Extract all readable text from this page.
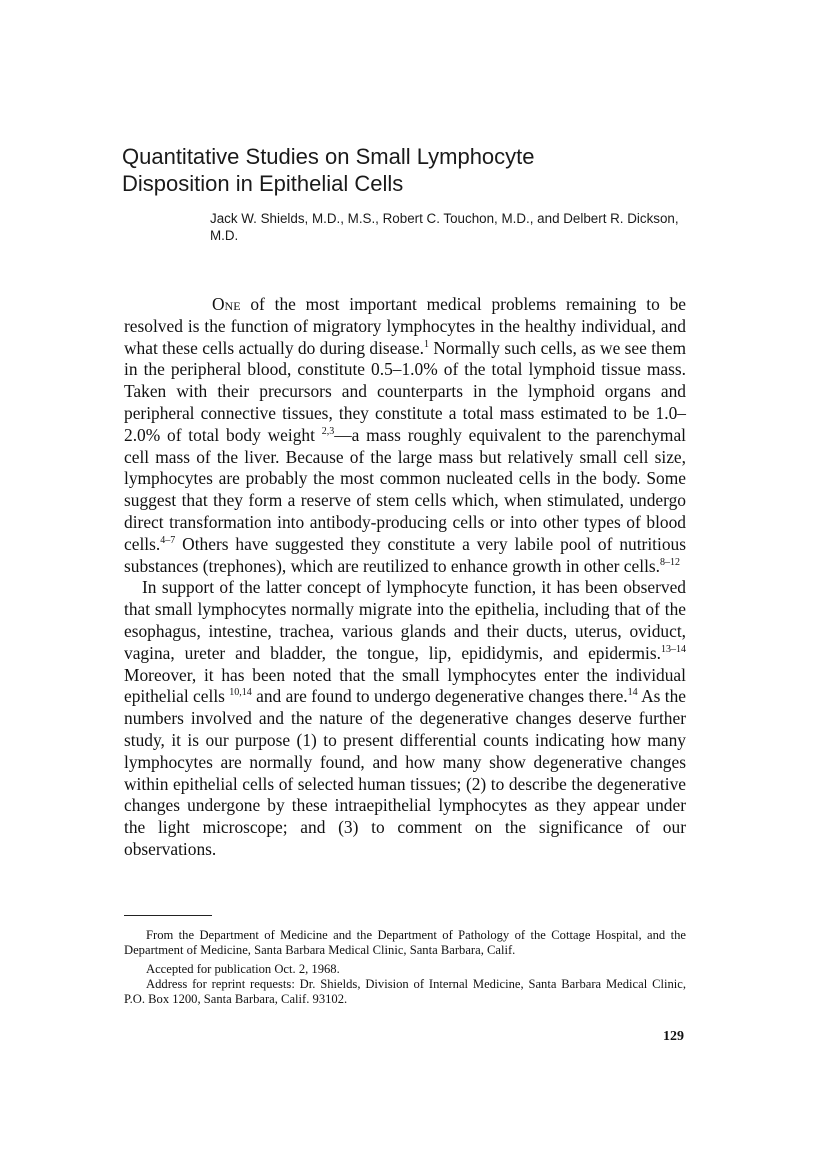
Quantitative Studies on Small Lymphocyte
Disposition in Epithelial Cells

Jack W. Shields, M.D., M.S., Robert C. Touchon, M.D., and Delbert R. Dickson, M.D.

One of the most important medical problems remaining to be resolved is the function of migratory lymphocytes in the healthy individual, and what these cells actually do during disease.$^1$ Normally such cells, as we see them in the peripheral blood, constitute 0.5–1.0% of the total lymphoid tissue mass. Taken with their precursors and counterparts in the lymphoid organs and peripheral connective tissues, they constitute a total mass estimated to be 1.0–2.0% of total body weight $^{2,3}$—a mass roughly equivalent to the parenchymal cell mass of the liver. Because of the large mass but relatively small cell size, lymphocytes are probably the most common nucleated cells in the body. Some suggest that they form a reserve of stem cells which, when stimulated, undergo direct transformation into antibody-producing cells or into other types of blood cells.$^{4-7}$ Others have suggested they constitute a very labile pool of nutritious substances (trephones), which are reutilized to enhance growth in other cells.$^{8-12}$

In support of the latter concept of lymphocyte function, it has been observed that small lymphocytes normally migrate into the epithelia, including that of the esophagus, intestine, trachea, various glands and their ducts, uterus, oviduct, vagina, ureter and bladder, the tongue, lip, epididymis, and epidermis.$^{13-14}$ Moreover, it has been noted that the small lymphocytes enter the individual epithelial cells $^{10,14}$ and are found to undergo degenerative changes there.$^{14}$ As the numbers involved and the nature of the degenerative changes deserve further study, it is our purpose (1) to present differential counts indicating how many lymphocytes are normally found, and how many show degenerative changes within epithelial cells of selected human tissues; (2) to describe the degenerative changes undergone by these intraepithelial lymphocytes as they appear under the light microscope; and (3) to comment on the significance of our observations.

From the Department of Medicine and the Department of Pathology of the Cottage Hospital, and the Department of Medicine, Santa Barbara Medical Clinic, Santa Barbara, Calif.

Accepted for publication Oct. 2, 1968.

Address for reprint requests: Dr. Shields, Division of Internal Medicine, Santa Barbara Medical Clinic, P.O. Box 1200, Santa Barbara, Calif. 93102.

129
